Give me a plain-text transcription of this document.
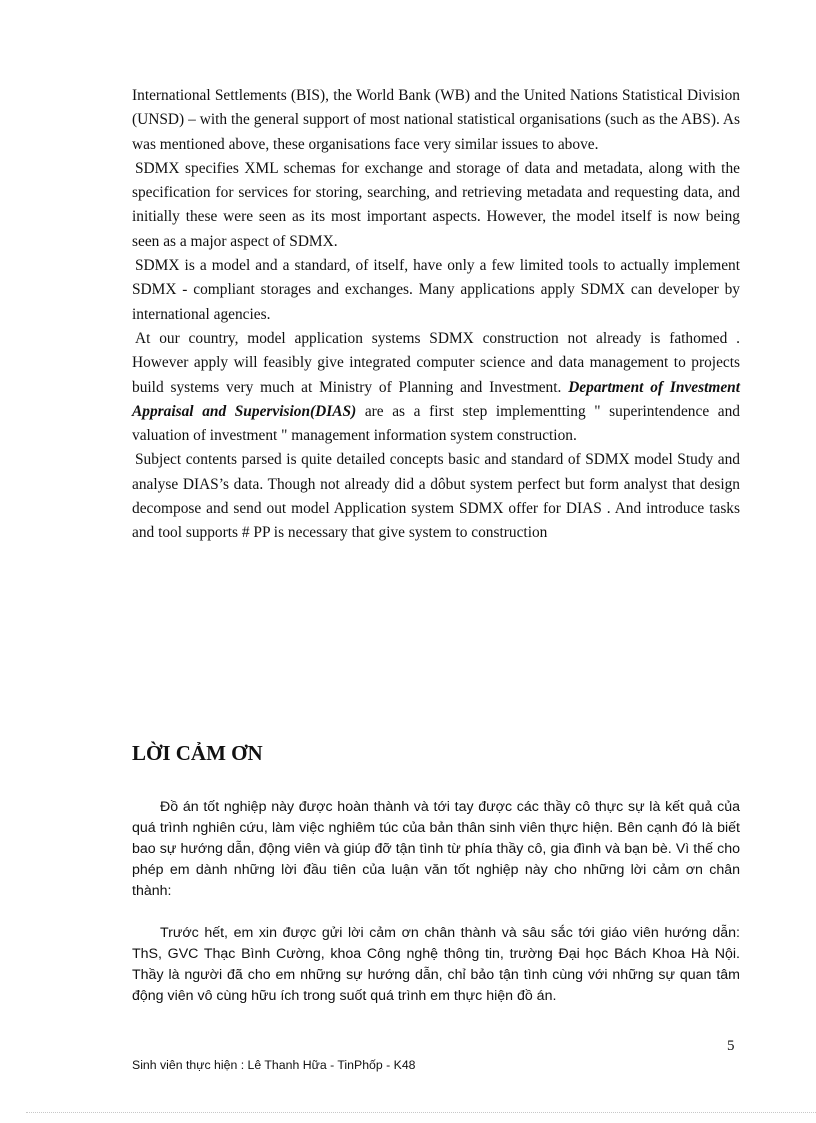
International Settlements (BIS), the World Bank (WB) and the United Nations Statistical Division (UNSD) – with the general support of most national statistical organisations (such as the ABS). As was mentioned above, these organisations face very similar issues to above.

SDMX specifies XML schemas for exchange and storage of data and metadata, along with the specification for services for storing, searching, and retrieving metadata and requesting data, and initially these were seen as its most important aspects. However, the model itself is now being seen as a major aspect of SDMX.

SDMX is a model and a standard, of itself, have only a few limited tools to actually implement SDMX - compliant storages and exchanges. Many applications apply SDMX can developer by international agencies.

At our country, model application systems SDMX construction not already is fathomed . However apply will feasibly give integrated computer science and data management to projects build systems very much at Ministry of Planning and Investment. Department of Investment Appraisal and Supervision(DIAS) are as a first step implementting " superintendence and valuation of investment " management information system construction.

Subject contents parsed is quite detailed concepts basic and standard of SDMX model Study and analyse DIAS’s data. Though not already did a dôbut system perfect but form analyst that design decompose and send out model Application system SDMX offer for DIAS . And introduce tasks and tool supports # PP is necessary that give system to construction

LỜI CẢM ƠN

Đồ án tốt nghiệp này được hoàn thành và tới tay được các thầy cô thực sự là kết quả của quá trình nghiên cứu, làm việc nghiêm túc của bản thân sinh viên thực hiện. Bên cạnh đó là biết bao sự hướng dẫn, động viên và giúp đỡ tận tình từ phía thầy cô, gia đình và bạn bè. Vì thế cho phép em dành những lời đầu tiên của luận văn tốt nghiệp này cho những lời cảm ơn chân thành:

Trước hết, em xin được gửi lời cảm ơn chân thành và sâu sắc tới giáo viên hướng dẫn: ThS, GVC Thạc Bình Cường, khoa Công nghệ thông tin, trường Đại học Bách Khoa Hà Nội. Thầy là người đã cho em những sự hướng dẫn, chỉ bảo tận tình cùng với những sự quan tâm động viên vô cùng hữu ích trong suốt quá trình em thực hiện đồ án.

5
Sinh viên thực hiện : Lê Thanh Hữa - TinPhốp - K48
